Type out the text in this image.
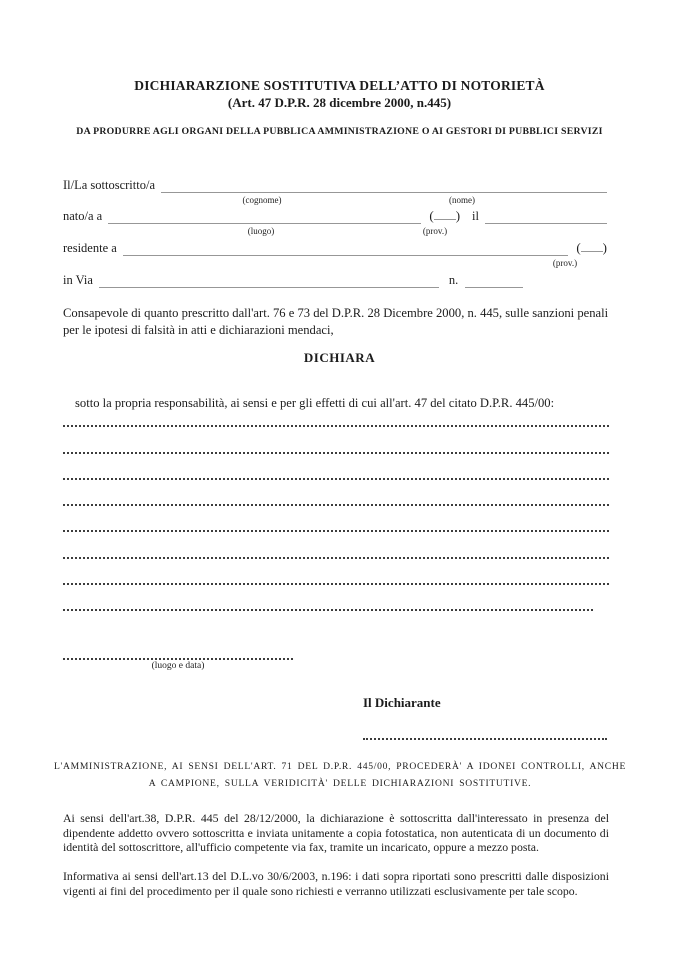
DICHIARARZIONE SOSTITUTIVA DELL’ATTO DI NOTORIETÀ
(Art. 47 D.P.R. 28 dicembre 2000, n.445)
DA PRODURRE AGLI ORGANI DELLA PUBBLICA AMMINISTRAZIONE O AI GESTORI DI PUBBLICI SERVIZI
Il/La sottoscritto/a
(cognome)	(nome)
nato/a a	( ) il
(luogo)	(prov.)
residente a	( )
(prov.)
in Via	n.
Consapevole di quanto prescritto dall'art. 76 e 73 del D.P.R. 28 Dicembre 2000, n. 445, sulle sanzioni penali per le ipotesi di falsità in atti e dichiarazioni mendaci,
DICHIARA
sotto la propria responsabilità, ai sensi e per gli effetti di cui all'art. 47 del citato D.P.R. 445/00:
(luogo e data)
Il Dichiarante
L'AMMINISTRAZIONE, AI SENSI DELL'ART. 71 DEL D.P.R. 445/00, PROCEDERÀ' A IDONEI CONTROLLI, ANCHE A CAMPIONE, SULLA VERIDICITÀ' DELLE DICHIARAZIONI SOSTITUTIVE.
Ai sensi dell'art.38, D.P.R. 445 del 28/12/2000, la dichiarazione è sottoscritta dall'interessato in presenza del dipendente addetto ovvero sottoscritta e inviata unitamente a copia fotostatica, non autenticata di un documento di identità del sottoscrittore, all'ufficio competente via fax, tramite un incaricato, oppure a mezzo posta.
Informativa ai sensi dell'art.13 del D.L.vo 30/6/2003, n.196: i dati sopra riportati sono prescritti dalle disposizioni vigenti ai fini del procedimento per il quale sono richiesti e verranno utilizzati esclusivamente per tale scopo.
